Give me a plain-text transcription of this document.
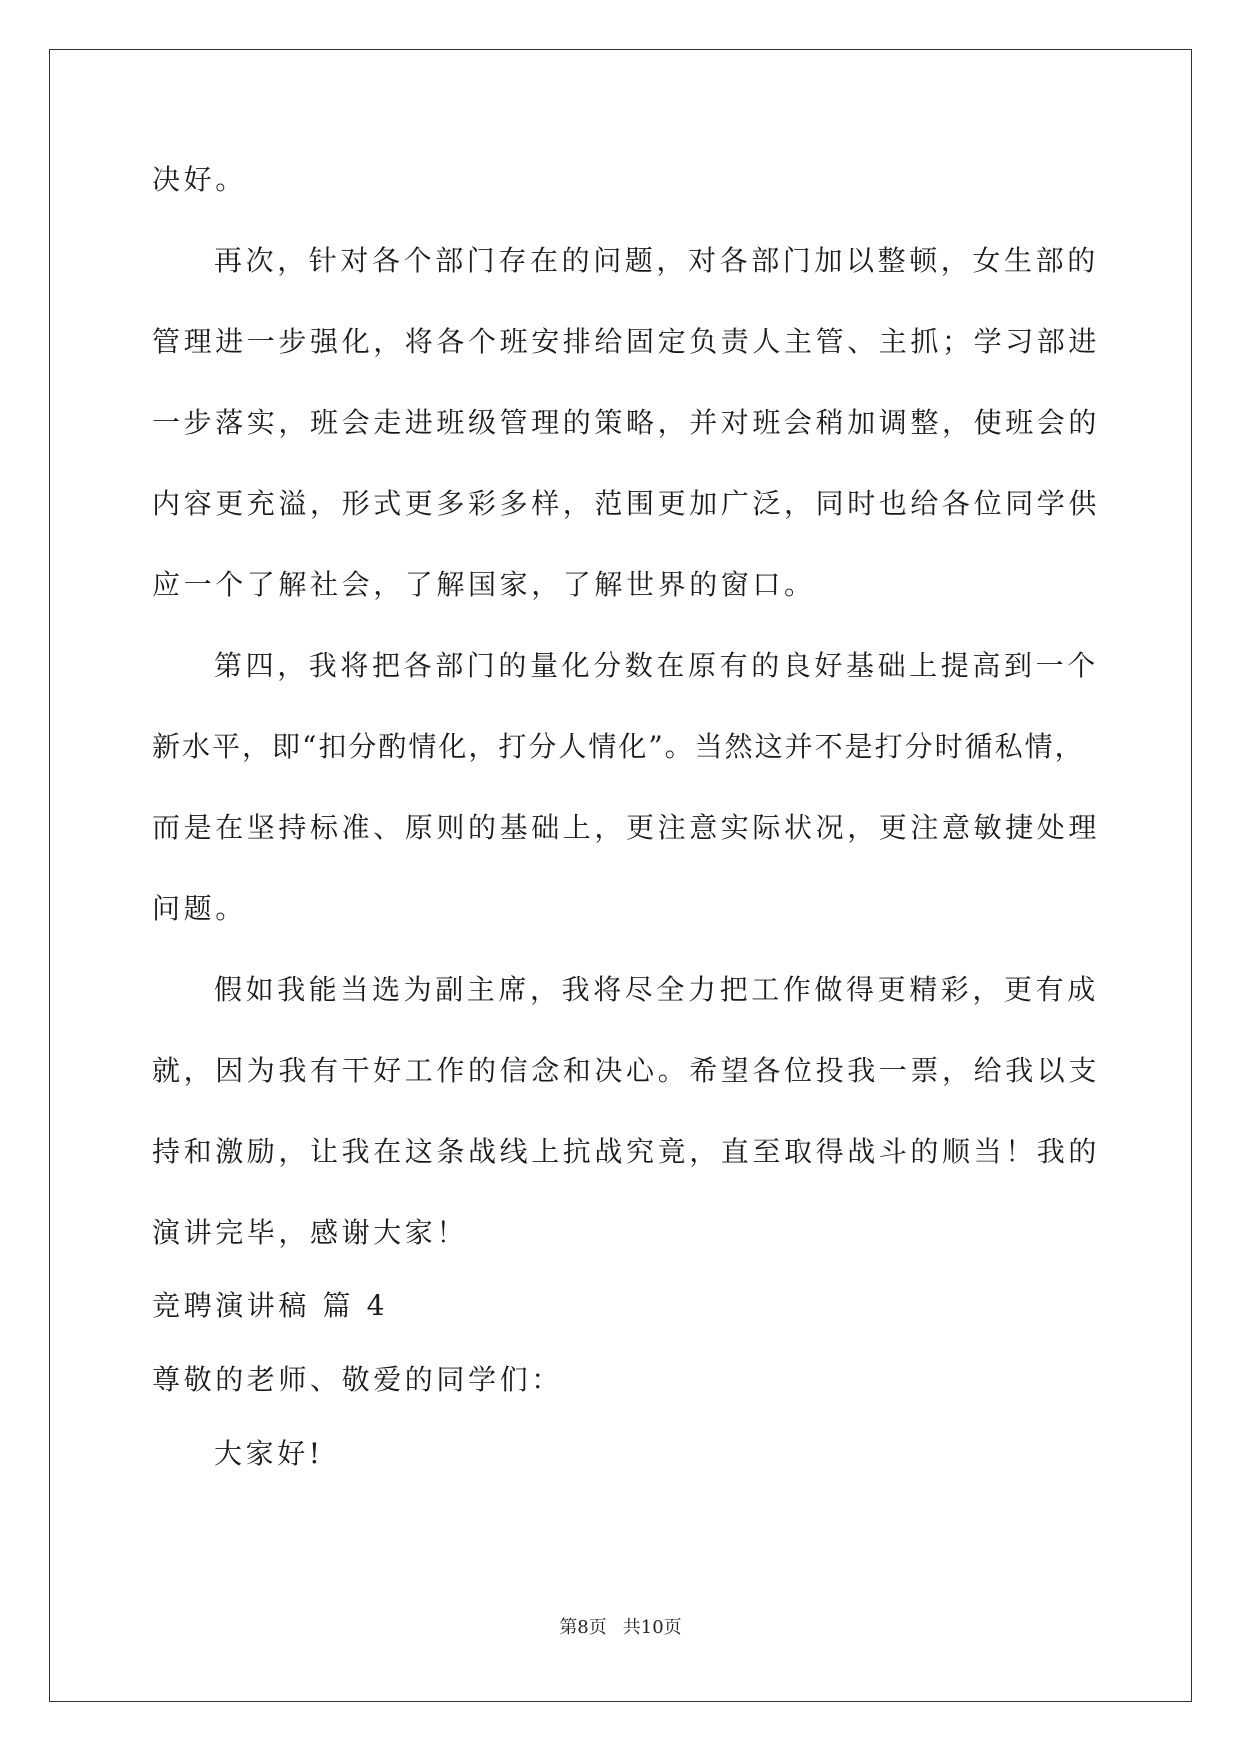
决好。
再次，针对各个部门存在的问题，对各部门加以整顿，女生部的
管理进一步强化，将各个班安排给固定负责人主管、主抓；学习部进
一步落实，班会走进班级管理的策略，并对班会稍加调整，使班会的
内容更充溢，形式更多彩多样，范围更加广泛，同时也给各位同学供
应一个了解社会，了解国家，了解世界的窗口。
第四，我将把各部门的量化分数在原有的良好基础上提高到一个
新水平，即“扣分酌情化，打分人情化”。当然这并不是打分时循私情，
而是在坚持标准、原则的基础上，更注意实际状况，更注意敏捷处理
问题。
假如我能当选为副主席，我将尽全力把工作做得更精彩，更有成
就，因为我有干好工作的信念和决心。希望各位投我一票，给我以支
持和激励，让我在这条战线上抗战究竟，直至取得战斗的顺当！我的
演讲完毕，感谢大家！
竞聘演讲稿 篇 4
尊敬的老师、敬爱的同学们：
大家好!
第8页 共10页
